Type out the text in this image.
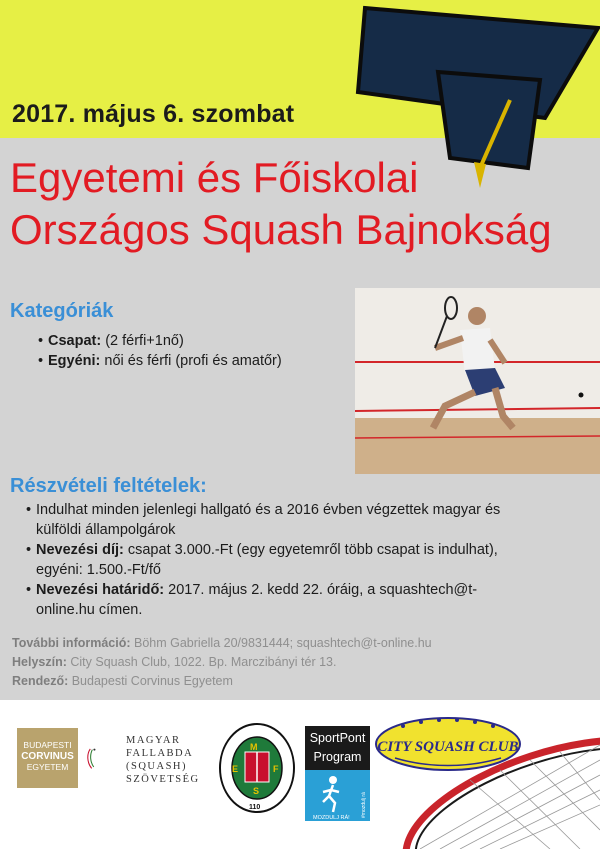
2017. május 6. szombat
Egyetemi és Főiskolai
Országos Squash Bajnokság
Kategóriák
• Csapat: (2 férfi+1nő)
• Egyéni: női és férfi (profi és amatőr)
Részvételi feltételek:
• Indulhat minden jelenlegi hallgató és a 2016 évben végzettek magyar és külföldi állampolgárok
• Nevezési díj: csapat 3.000.-Ft (egy egyetemről több csapat is indulhat), egyéni: 1.500.-Ft/fő
• Nevezési határidő: 2017. május 2. kedd 22. óráig, a squashtech@t-online.hu címen.
További információ: Böhm Gabriella 20/9831444; squashtech@t-online.hu
Helyszín: City Squash Club, 1022. Bp. Marczibányi tér 13.
Rendező: Budapesti Corvinus Egyetem
BUDAPESTI
CORVINUS
EGYETEM
MAGYAR
FALLABDA
(SQUASH)
SZÖVETSÉG
M
E	F
S
110
SportPont
Program
MOZDULJ RÁ! #mozdulj rá
CITY SQUASH CLUB
